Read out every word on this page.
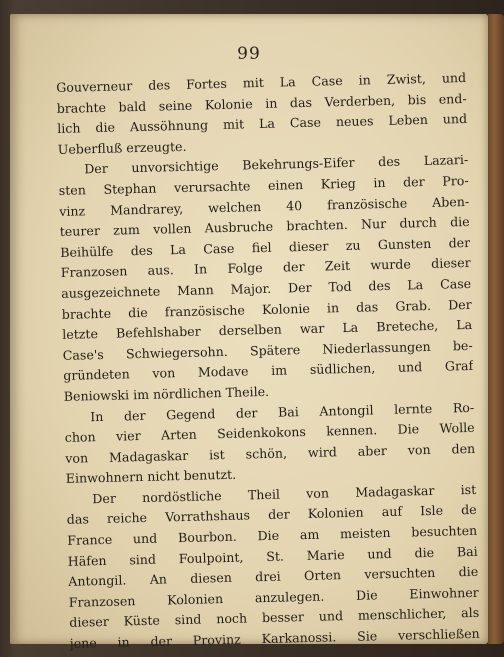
99
Gouverneur des Fortes mit La Case in Zwist, und
brachte bald seine Kolonie in das Verderben, bis end-
lich die Aussöhnung mit La Case neues Leben und
Ueberfluß erzeugte.
Der unvorsichtige Bekehrungs-Eifer des Lazari-
sten Stephan verursachte einen Krieg in der Pro-
vinz Mandrarey, welchen 40 französische Aben-
teurer zum vollen Ausbruche brachten. Nur durch die
Beihülfe des La Case fiel dieser zu Gunsten der
Franzosen aus. In Folge der Zeit wurde dieser
ausgezeichnete Mann Major. Der Tod des La Case
brachte die französische Kolonie in das Grab. Der
letzte Befehlshaber derselben war La Breteche, La
Case's Schwiegersohn. Spätere Niederlassungen be-
gründeten von Modave im südlichen, und Graf
Beniowski im nördlichen Theile.
In der Gegend der Bai Antongil lernte Ro-
chon vier Arten Seidenkokons kennen. Die Wolle
von Madagaskar ist schön, wird aber von den
Einwohnern nicht benutzt.
Der nordöstliche Theil von Madagaskar ist
das reiche Vorrathshaus der Kolonien auf Isle de
France und Bourbon. Die am meisten besuchten
Häfen sind Foulpoint, St. Marie und die Bai
Antongil. An diesen drei Orten versuchten die
Franzosen Kolonien anzulegen. Die Einwohner
dieser Küste sind noch besser und menschlicher, als
jene in der Provinz Karkanossi. Sie verschließen
